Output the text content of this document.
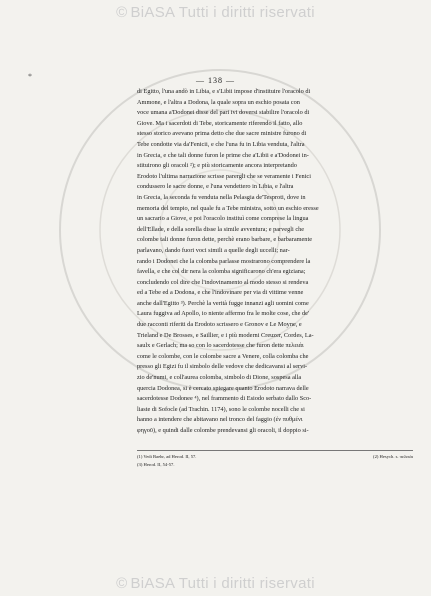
© BiASA Tutti i diritti riservati
*	— 138 —
di Egitto, l'una andò in Libia, e s'Libii impose d'instituire l'oracolo di
Ammone, e l'altra a Dodona, la quale sopra un eschio posata con
voce umana a'Dodonei disse del pari ivi doversi stabilire l'oracolo di
Giove. Ma i sacerdoti di Tebe, storicamente riferendo il fatto, allo
stesso storico avevano prima detto che due sacre ministre furono di
Tebe condotte via da'Fenicii, e che l'una fu in Libia venduta, l'altra
in Grecia, e che tali donne furon le prime che a'Libii e a'Dodonei in-
stituirono gli oracoli ²); e più storicamente ancora interpretando
Erodoto l'ultima narrazione scrisse parergli che se veramente i Fenici
condussero le sacre donne, e l'una vendettero in Libia, e l'altra
in Grecia, la seconda fu venduta nella Pelasgia de'Tesproti, dove in
memoria del tempio, nel quale fu a Tebe ministra, sotto un eschio eresse
un sacrario a Giove, e poi l'oracolo instituì come comprese la lingua
dell'Ellade, e della sorella disse la simile avventura; e parvegli che
colombe tali donne furon dette, perchè erano barbare, e barbaramente
parlavano, dando fuori voci simili a quelle degli uccelli; nar-
rando i Dodonei che la colomba parlasse mostrarono comprendere la
favella, e che col dir nera la colomba significarono ch'era egiziana;
concludendo col dire che l'indovinamento al modo stesso si rendeva
ed a Tebe ed a Dodona, e che l'indovinare per via di vittime venne
anche dall'Egitto ³). Perchè la verità fugge innanzi agli uomini come
Laura fuggiva ad Apollo, io niente affermo fra le molte cose, che de'
due racconti riferiti da Erodoto scrissero e Gronov e Le Moyne, e
Trieland e De Brosses, e Saillier, e i più moderni Creuzer, Cordes, La-
saulx e Gerlach; ma so con lo sacerdotesse che furon dette πελειάι
come le colombe, con le colombe sacre a Venere, colla colomba che
presso gli Egizi fu il simbolo delle vedove che dedicavansi al servi-
zio de'numi, e coll'aurea colomba, simbolo di Dione, sospesa alla
quercia Dodonea, si è cercato spiegare quanto Erodoto narrava delle
sacerdotesse Dodonee ⁴), nel frammento di Esiodo serbato dallo Sco-
liaste di Sofocle (ad Trachin. 1174), sono le colombe nocelli che si
hanno a intendere che abitavano nel tronco del faggio (ἐν πυθμένι
φηγοῦ), e quindi dalle colombe prendevansi gli oracoli, il doppio si-
(1) Vedi Baehr, ad Herod. II, 57.	(2) Hesych. s. πελειάι
(3) Herod. II, 54-57.
© BiASA Tutti i diritti riservati
